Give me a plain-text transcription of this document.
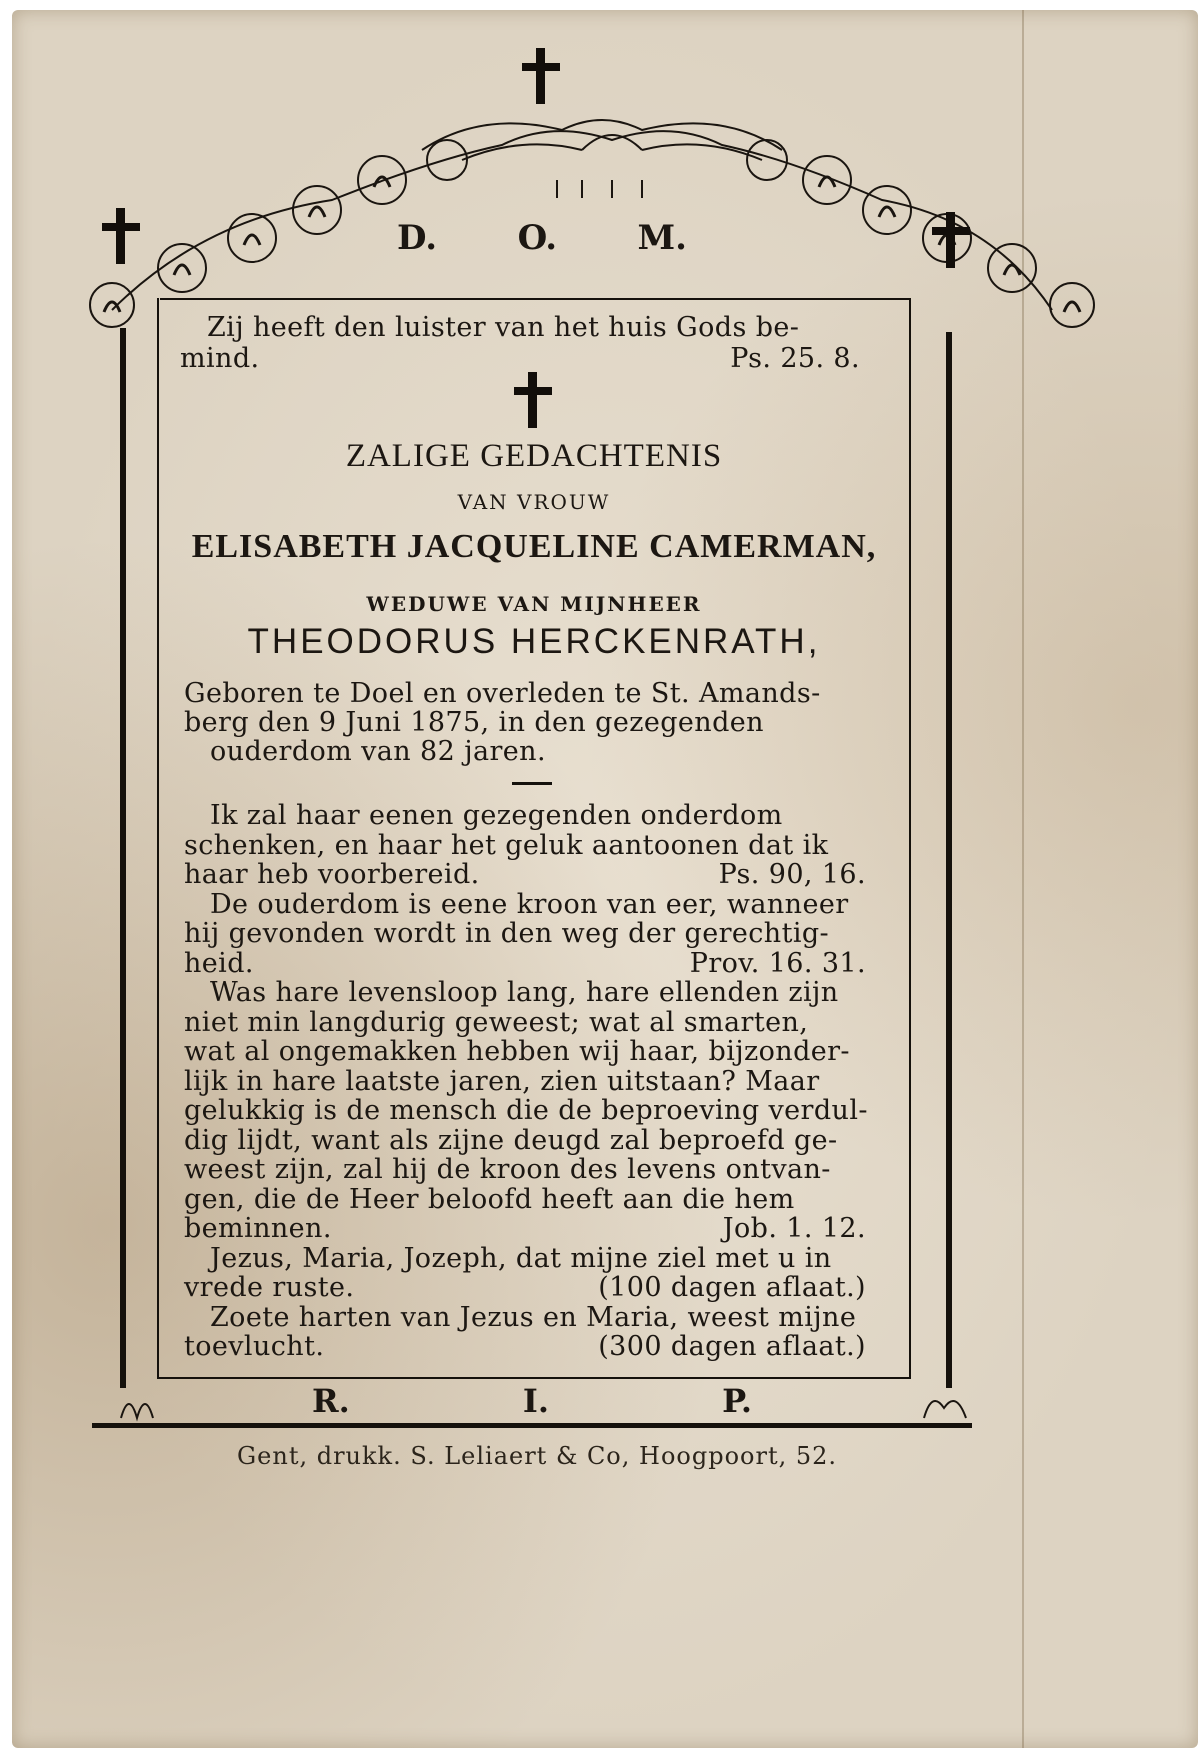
D. O. M.
Zij heeft den luister van het huis Gods be-
mind.	Ps. 25. 8.
ZALIGE GEDACHTENIS
VAN VROUW
ELISABETH JACQUELINE CAMERMAN,
WEDUWE VAN MIJNHEER
THEODORUS HERCKENRATH,
Geboren te Doel en overleden te St. Amands-
berg den 9 Juni 1875, in den gezegenden
ouderdom van 82 jaren.
Ik zal haar eenen gezegenden onderdom
schenken, en haar het geluk aantoonen dat ik
haar heb voorbereid.	Ps. 90, 16.
De ouderdom is eene kroon van eer, wanneer
hij gevonden wordt in den weg der gerechtig-
heid.	Prov. 16. 31.
Was hare levensloop lang, hare ellenden zijn
niet min langdurig geweest; wat al smarten,
wat al ongemakken hebben wij haar, bijzonder-
lijk in hare laatste jaren, zien uitstaan? Maar
gelukkig is de mensch die de beproeving verdul-
dig lijdt, want als zijne deugd zal beproefd ge-
weest zijn, zal hij de kroon des levens ontvan-
gen, die de Heer beloofd heeft aan die hem
beminnen.	Job. 1. 12.
Jezus, Maria, Jozeph, dat mijne ziel met u in
vrede ruste.	(100 dagen aflaat.)
Zoete harten van Jezus en Maria, weest mijne
toevlucht.	(300 dagen aflaat.)
R.	I.	P.
Gent, drukk. S. Leliaert & Co, Hoogpoort, 52.
